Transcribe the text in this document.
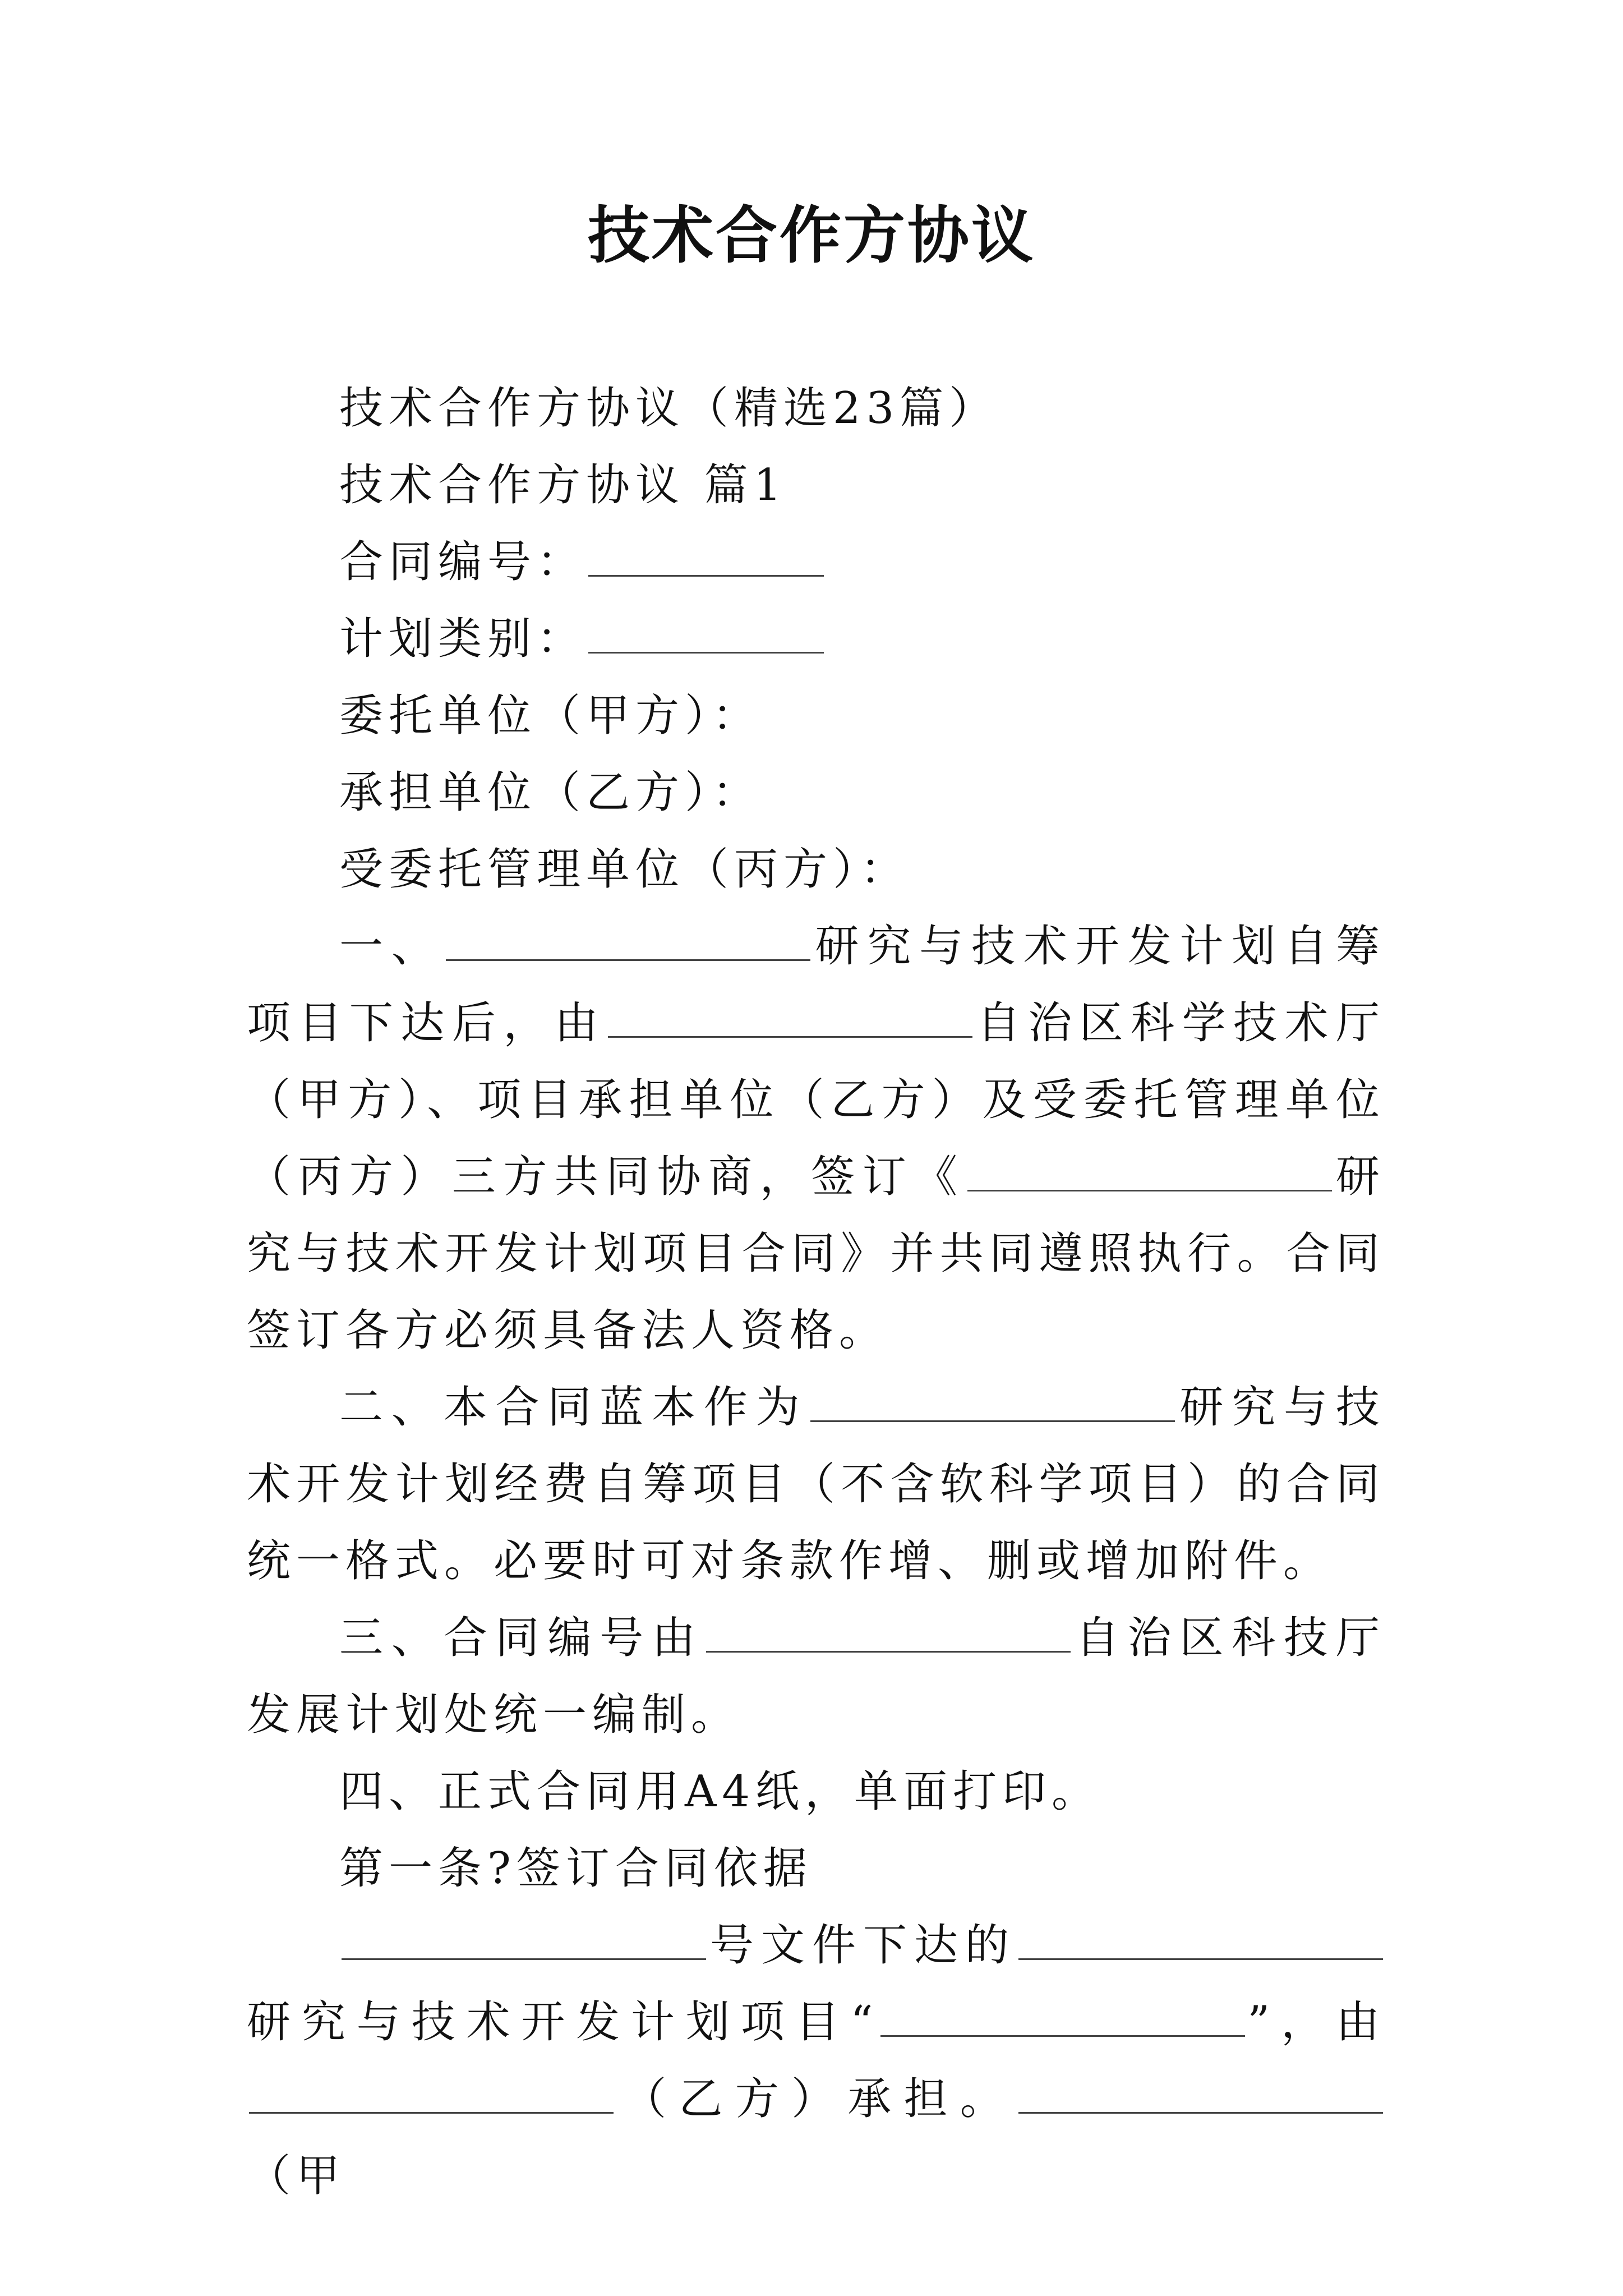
技术合作方协议

技术合作方协议（精选23篇）

技术合作方协议 篇1

合同编号：

计划类别：

委托单位（甲方）：

承担单位（乙方）：

受委托管理单位（丙方）：

一、	研究与技术开发计划自筹项目下达后，由	自治区科学技术厅（甲方）、项目承担单位（乙方）及受委托管理单位（丙方）三方共同协商，签订《	研究与技术开发计划项目合同》并共同遵照执行。合同签订各方必须具备法人资格。

二、本合同蓝本作为	研究与技术开发计划经费自筹项目（不含软科学项目）的合同统一格式。必要时可对条款作增、删或增加附件。

三、合同编号由	自治区科技厅发展计划处统一编制。

四、正式合同用A4纸，单面打印。

第一条?签订合同依据

号文件下达的研究与技术开发计划项目“	”，由（乙方）承担。（甲
